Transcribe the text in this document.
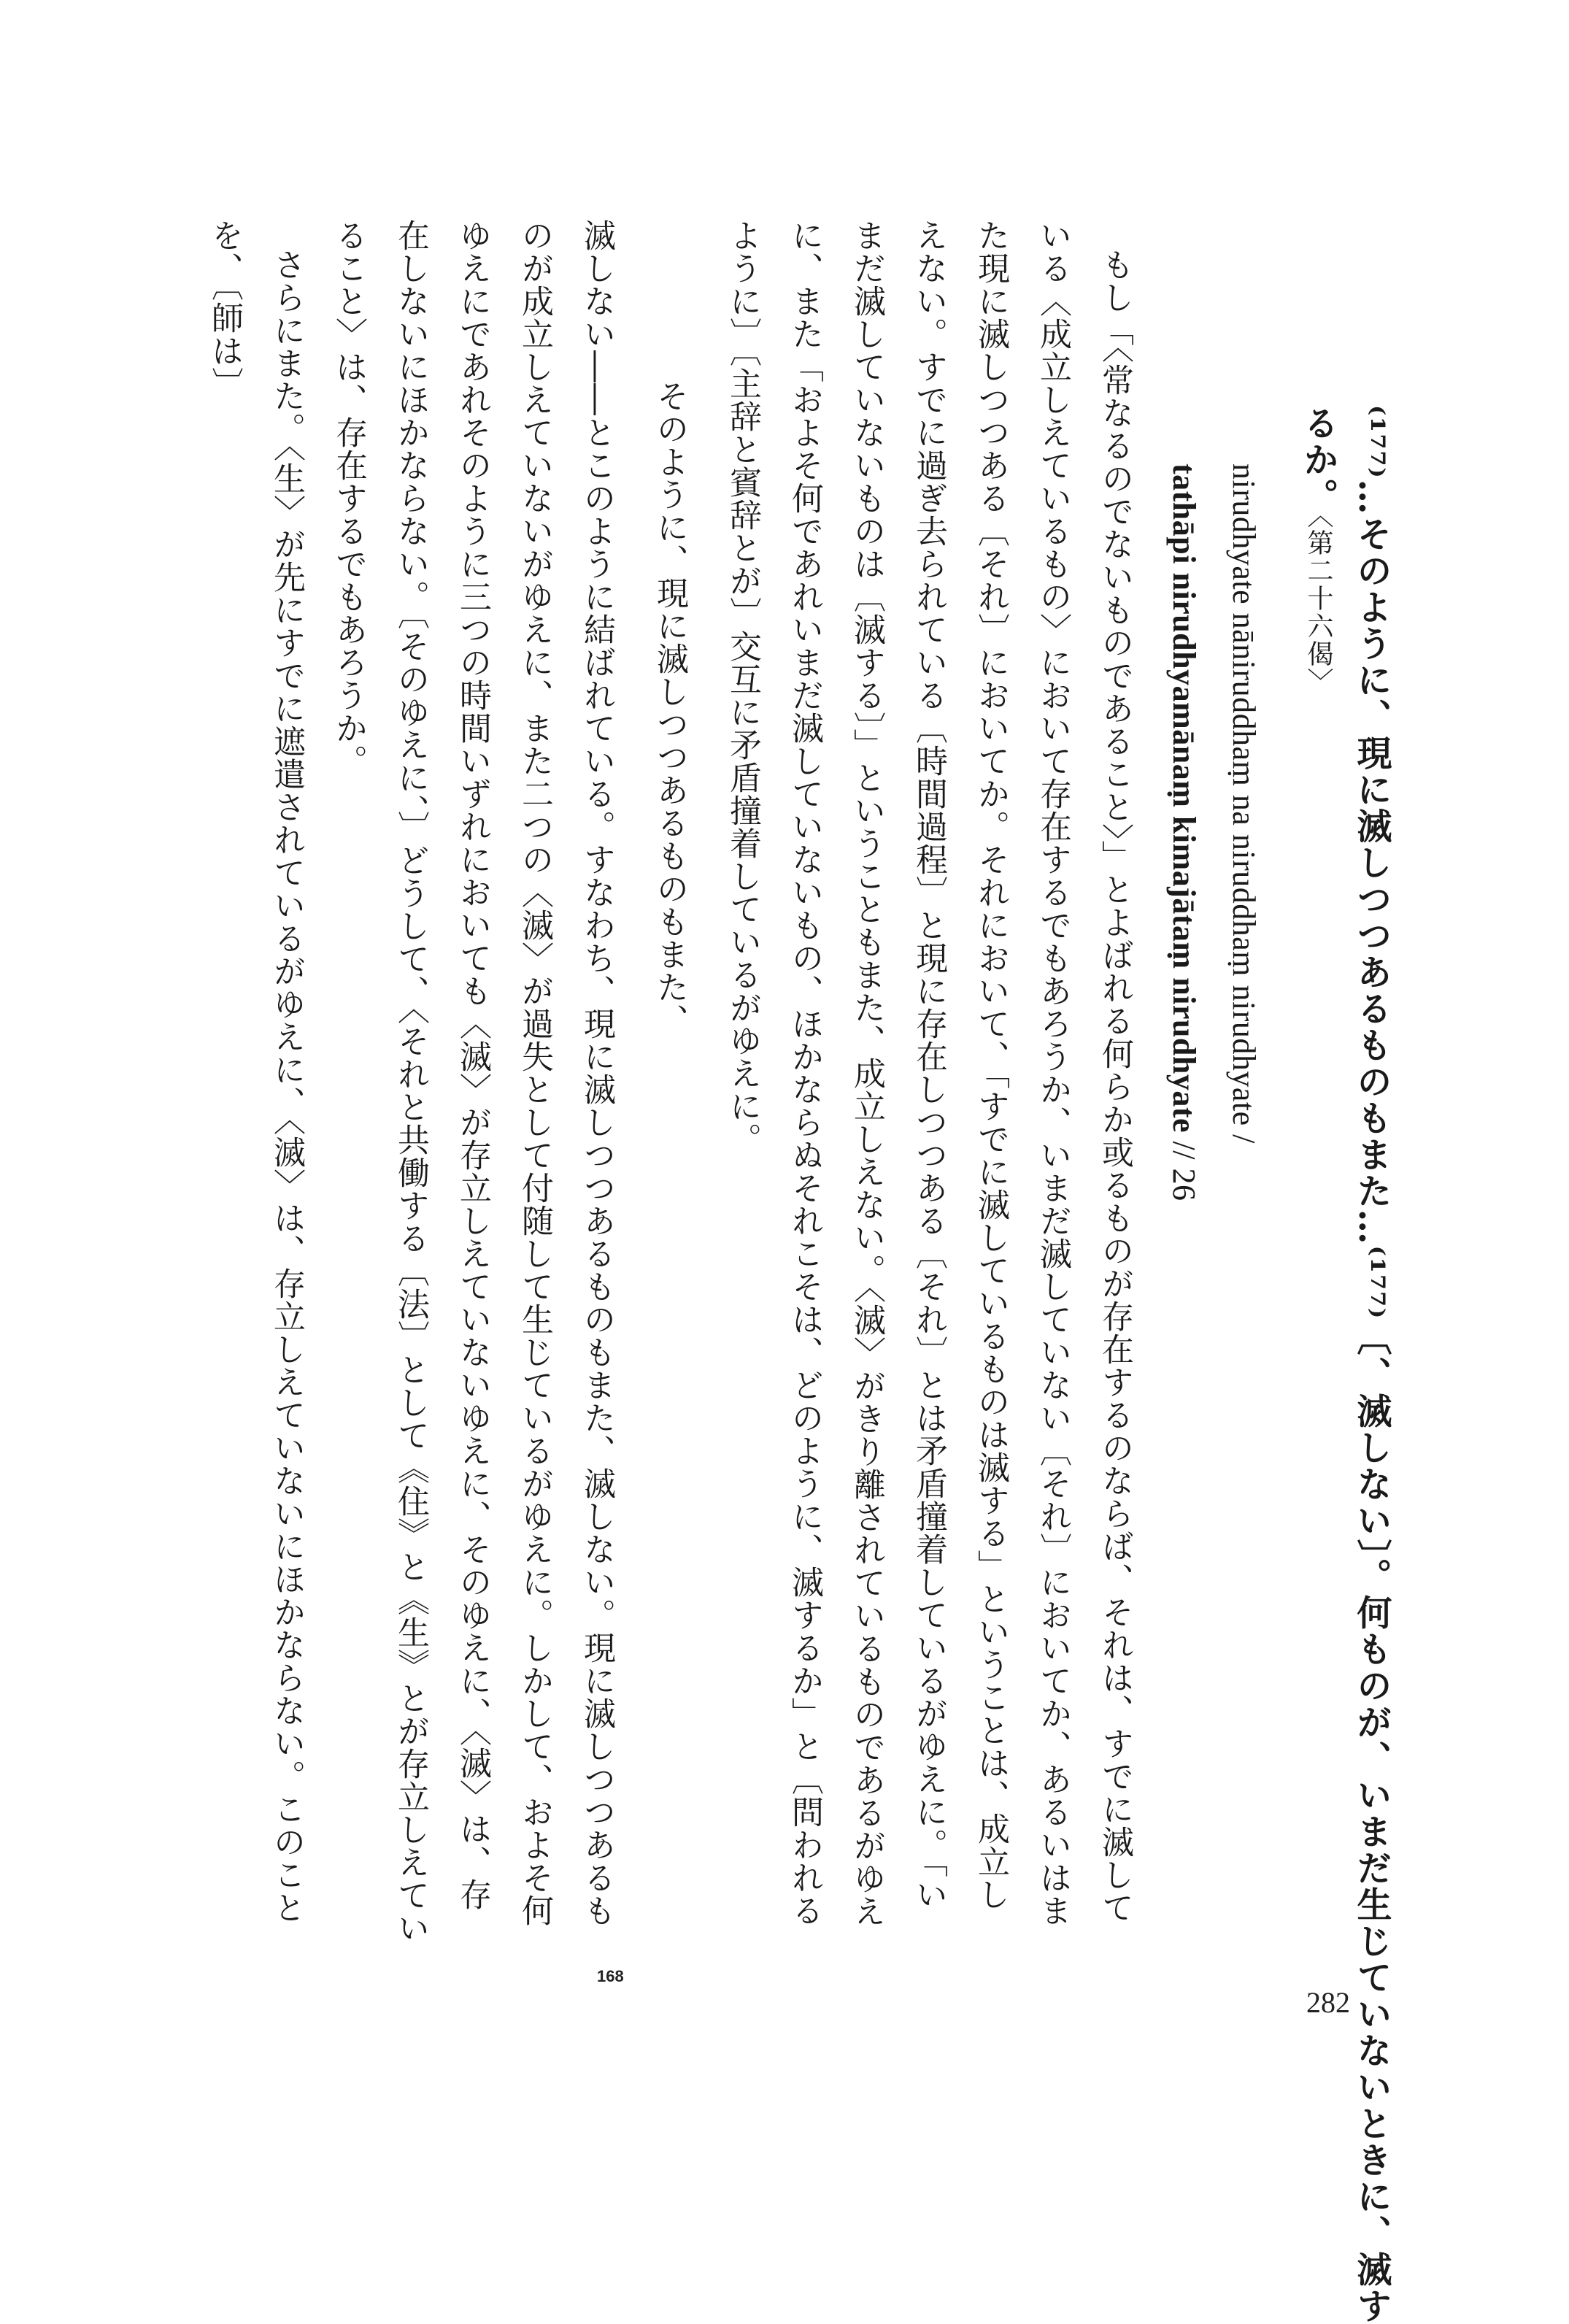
⁽¹⁷⁷⁾…そのように、現に滅しつつあるものもまた…⁽¹⁷⁷⁾〔、滅しない〕。何ものが、いまだ生じていないときに、滅す
るか。〈第二十六偈〉
nirudhyate nāniruddhaṃ na niruddhaṃ nirudhyate /
tathāpi nirudhyamānaṃ kimajātaṃ nirudhyate // 26
もし「〈常なるのでないものであること〉」とよばれる何らか或るものが存在するのならば、それは、すでに滅して
いる〈成立しえているもの〉において存在するでもあろうか、いまだ滅していない〔それ〕においてか、あるいはま
た現に滅しつつある〔それ〕においてか。それにおいて、「すでに滅しているものは滅する」ということは、成立し
えない。すでに過ぎ去られている〔時間過程〕と現に存在しつつある〔それ〕とは矛盾撞着しているがゆえに。「い
まだ滅していないものは〔滅する〕」ということもまた、成立しえない。〈滅〉がきり離されているものであるがゆえ
に、また「およそ何であれいまだ滅していないもの、ほかならぬそれこそは、どのように、滅するか」と〔問われる
ように〕〔主辞と賓辞とが〕交互に矛盾撞着しているがゆえに。
そのように、現に滅しつつあるものもまた、
滅しない――とこのように結ばれている。すなわち、現に滅しつつあるものもまた、滅しない。現に滅しつつあるも
のが成立しえていないがゆえに、また二つの〈滅〉が過失として付随して生じているがゆえに。しかして、およそ何
ゆえにであれそのように三つの時間いずれにおいても〈滅〉が存立しえていないゆえに、そのゆえに、〈滅〉は、存
在しないにほかならない。〔そのゆえに、〕どうして、〈それと共働する〔法〕として《住》と《生》とが存立しえてい
ること〉は、存在するでもあろうか。
さらにまた。〈生〉が先にすでに遮遣されているがゆえに、〈滅〉は、存立しえていないにほかならない。このこと
を、〔師は〕
282
168
